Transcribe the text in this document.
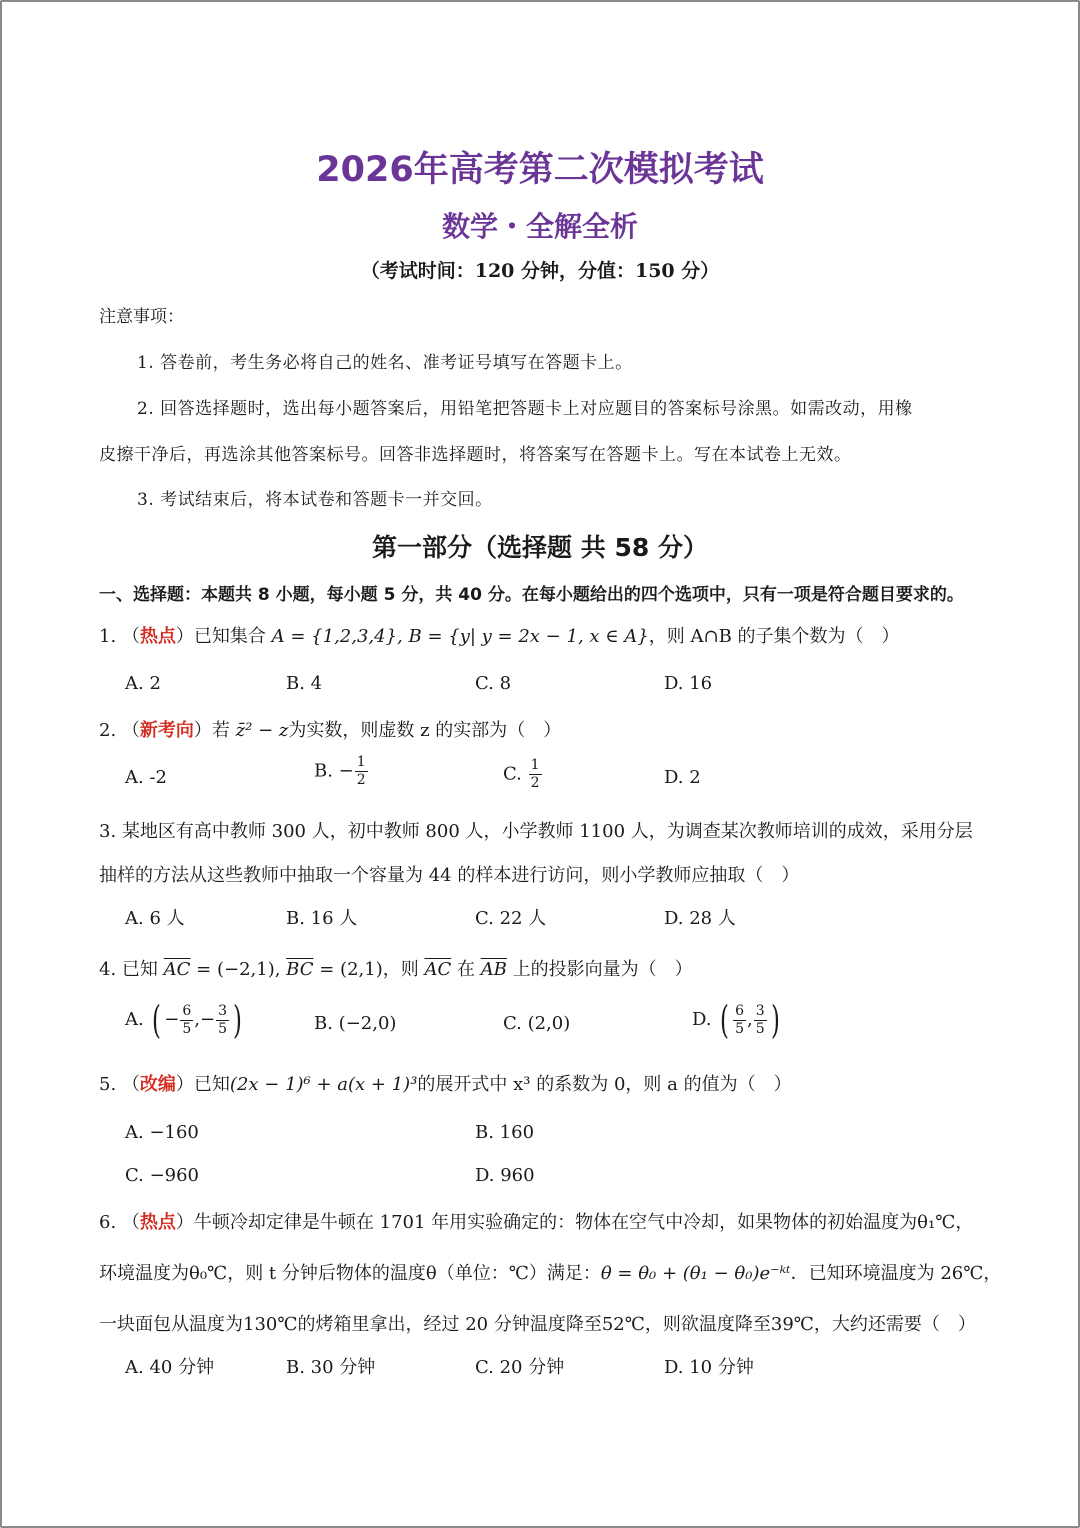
2026年高考第二次模拟考试
数学・全解全析
（考试时间：120 分钟，分值：150 分）
注意事项：
1. 答卷前，考生务必将自己的姓名、准考证号填写在答题卡上。
2. 回答选择题时，选出每小题答案后，用铅笔把答题卡上对应题目的答案标号涂黑。如需改动，用橡
皮擦干净后，再选涂其他答案标号。回答非选择题时，将答案写在答题卡上。写在本试卷上无效。
3. 考试结束后，将本试卷和答题卡一并交回。
第一部分（选择题 共 58 分）
一、选择题：本题共 8 小题，每小题 5 分，共 40 分。在每小题给出的四个选项中，只有一项是符合题目要求的。
1. （热点）已知集合 A = {1,2,3,4}, B = {y| y = 2x − 1, x ∈ A}，则 A∩B 的子集个数为（　）
A. 2	B. 4	C. 8	D. 16
2. （新考向）若 z̄² − z为实数，则虚数 z 的实部为（　）
A. -2	B. − $\frac{1}{2}$	C. $\frac{1}{2}$	D. 2
3. 某地区有高中教师 300 人，初中教师 800 人，小学教师 1100 人，为调查某次教师培训的成效，采用分层
抽样的方法从这些教师中抽取一个容量为 44 的样本进行访问，则小学教师应抽取（　）
A. 6 人	B. 16 人	C. 22 人	D. 28 人
4. 已知 $\overline{AC} = (-2,1)$, $\overline{BC} = (2,1)$，则 $\overline{AC}$ 在 $\overline{AB}$ 上的投影向量为（　）
A. ( − $\frac{6}{5}$ ,− $\frac{3}{5}$ )	B. (−2,0)	C. (2,0)	D. ( $\frac{6}{5}$ , $\frac{3}{5}$ )
5. （改编）已知(2x − 1)⁶ + a(x + 1)³的展开式中 x³ 的系数为 0，则 a 的值为（　）
A. −160	B. 160
C. −960	D. 960
6. （热点）牛顿冷却定律是牛顿在 1701 年用实验确定的：物体在空气中冷却，如果物体的初始温度为θ₁℃，
环境温度为θ₀℃，则 t 分钟后物体的温度θ（单位：℃）满足：θ = θ₀ + (θ₁ − θ₀)e⁻ᵏᵗ．已知环境温度为 26℃，
一块面包从温度为130℃的烤箱里拿出，经过 20 分钟温度降至52℃，则欲温度降至39℃，大约还需要（　）
A. 40 分钟	B. 30 分钟	C. 20 分钟	D. 10 分钟
